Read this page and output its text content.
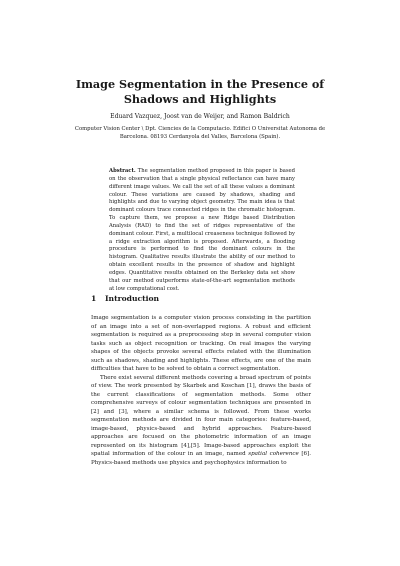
Image Segmentation in the Presence of Shadows and Highlights
Eduard Vazquez, Joost van de Weijer, and Ramon Baldrich
Computer Vision Center \ Dpt. Ciencies de la Computacio. Edifici O Universitat Autonoma de Barcelona. 08193 Cerdanyola del Valles, Barcelona (Spain).
Abstract. The segmentation method proposed in this paper is based on the observation that a single physical reflectance can have many different image values. We call the set of all these values a dominant colour. These variations are caused by shadows, shading and highlights and due to varying object geometry. The main idea is that dominant colours trace connected ridges in the chromatic histogram. To capture them, we propose a new Ridge based Distribution Analysis (RAD) to find the set of ridges representative of the dominant colour. First, a multilocal creaseness technique followed by a ridge extraction algorithm is proposed. Afterwards, a flooding procedure is performed to find the dominant colours in the histogram. Qualitative results illustrate the ability of our method to obtain excellent results in the presence of shadow and highlight edges. Quantitative results obtained on the Berkeley data set show that our method outperforms state-of-the-art segmentation methods at low computational cost.
1 Introduction

Image segmentation is a computer vision process consisting in the partition of an image into a set of non-overlapped regions. A robust and efficient segmentation is required as a preprocessing step in several computer vision tasks such as object recognition or tracking. On real images the varying shapes of the objects provoke several effects related with the illumination such as shadows, shading and highlights. These effects, are one of the main difficulties that have to be solved to obtain a correct segmentation.

There exist several different methods covering a broad spectrum of points of view. The work presented by Skarbek and Koschan [1], draws the basis of the current classifications of segmentation methods. Some other comprehensive surveys of colour segmentation techniques are presented in [2] and [3], where a similar schema is followed. From these works segmentation methods are divided in four main categories: feature-based, image-based, physics-based and hybrid approaches. Feature-based approaches are focused on the photometric information of an image represented on its histogram [4],[5]. Image-based approaches exploit the spatial information of the colour in an image, named spatial coherence [6]. Physics-based methods use physics and psychophysics information to
